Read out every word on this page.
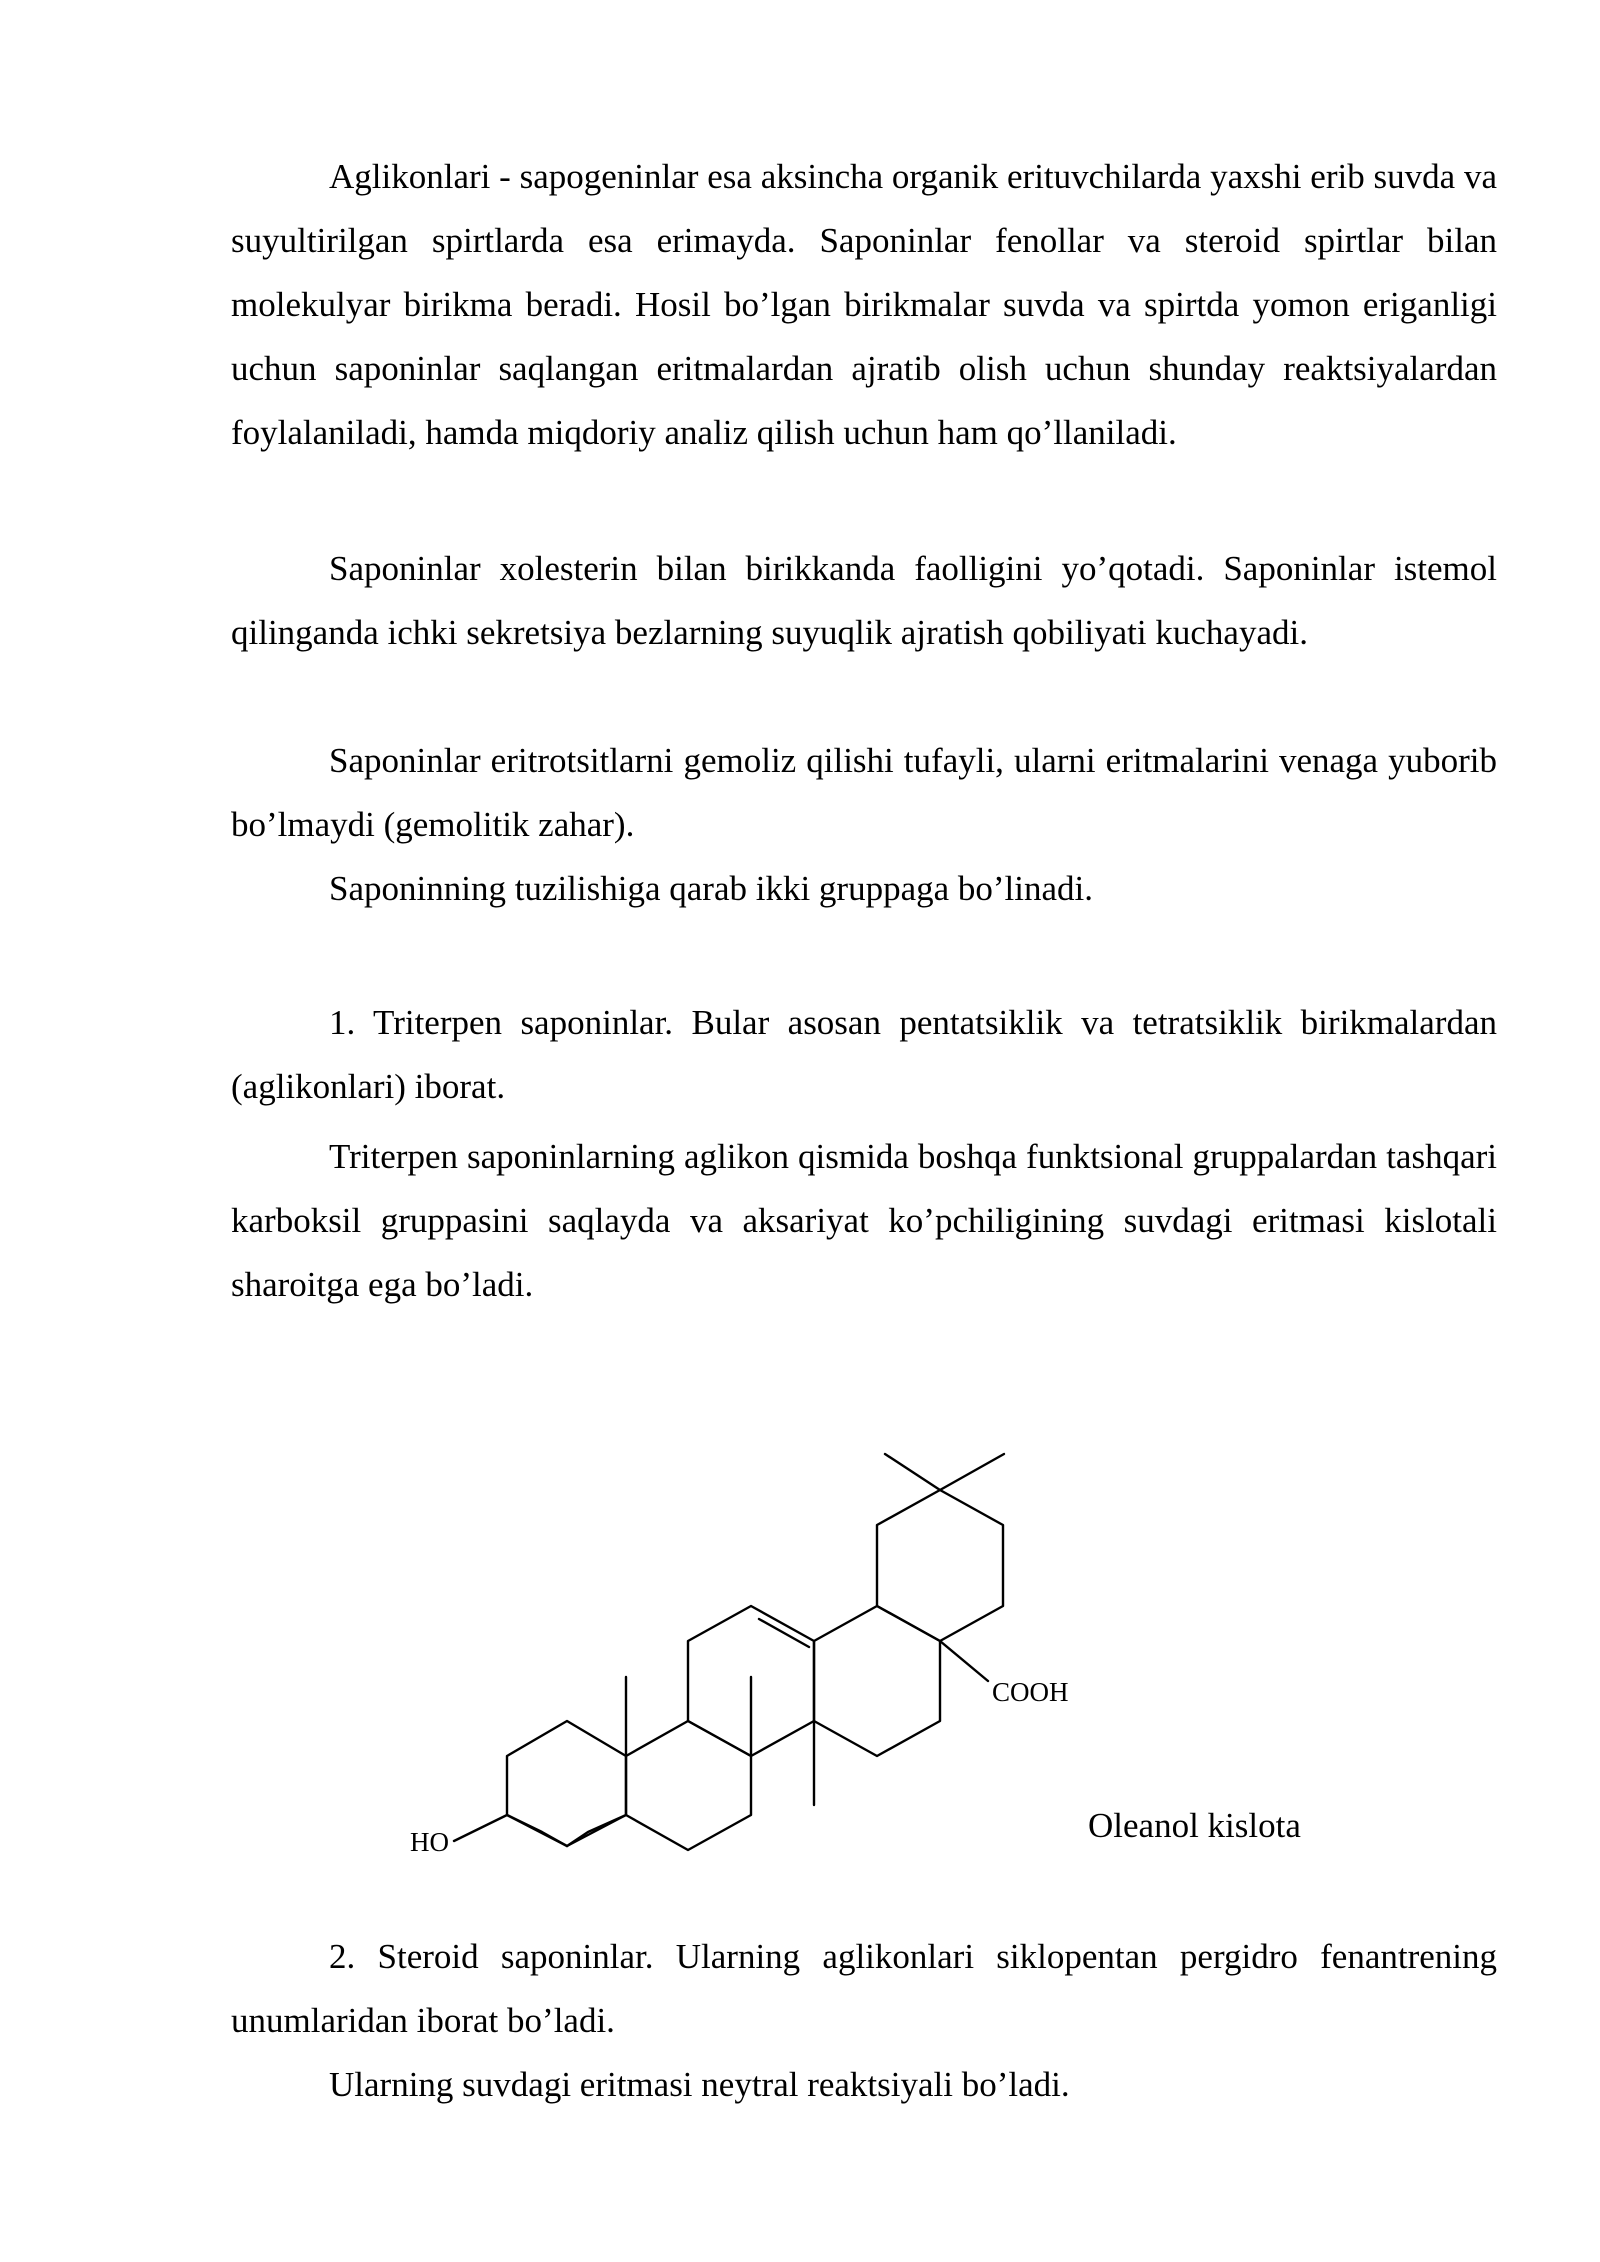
Aglikonlari - sapogeninlar esa aksincha organik erituvchilarda yaxshi erib suvda va suyultirilgan spirtlarda esa erimayda. Saponinlar fenollar va steroid spirtlar bilan molekulyar birikma beradi. Hosil bo’lgan birikmalar suvda va spirtda yomon eriganligi uchun saponinlar saqlangan eritmalardan ajratib olish uchun shunday reaktsiyalardan foylalaniladi, hamda miqdoriy analiz qilish uchun ham qo’llaniladi.

Saponinlar xolesterin bilan birikkanda faolligini yo’qotadi. Saponinlar istemol qilinganda ichki sekretsiya bezlarning suyuqlik ajratish qobiliyati kuchayadi.

Saponinlar eritrotsitlarni gemoliz qilishi tufayli, ularni eritmalarini venaga yuborib bo’lmaydi (gemolitik zahar).

Saponinning tuzilishiga qarab ikki gruppaga bo’linadi.

1. Triterpen saponinlar. Bular asosan pentatsiklik va tetratsiklik birikmalardan (aglikonlari) iborat.

Triterpen saponinlarning aglikon qismida boshqa funktsional gruppalardan tashqari karboksil gruppasini saqlayda va aksariyat ko’pchiligining suvdagi eritmasi kislotali sharoitga ega bo’ladi.

COOH
HO	Oleanol kislota

2. Steroid saponinlar. Ularning aglikonlari siklopentan pergidro fenantrening unumlaridan iborat bo’ladi.

Ularning suvdagi eritmasi neytral reaktsiyali bo’ladi.
